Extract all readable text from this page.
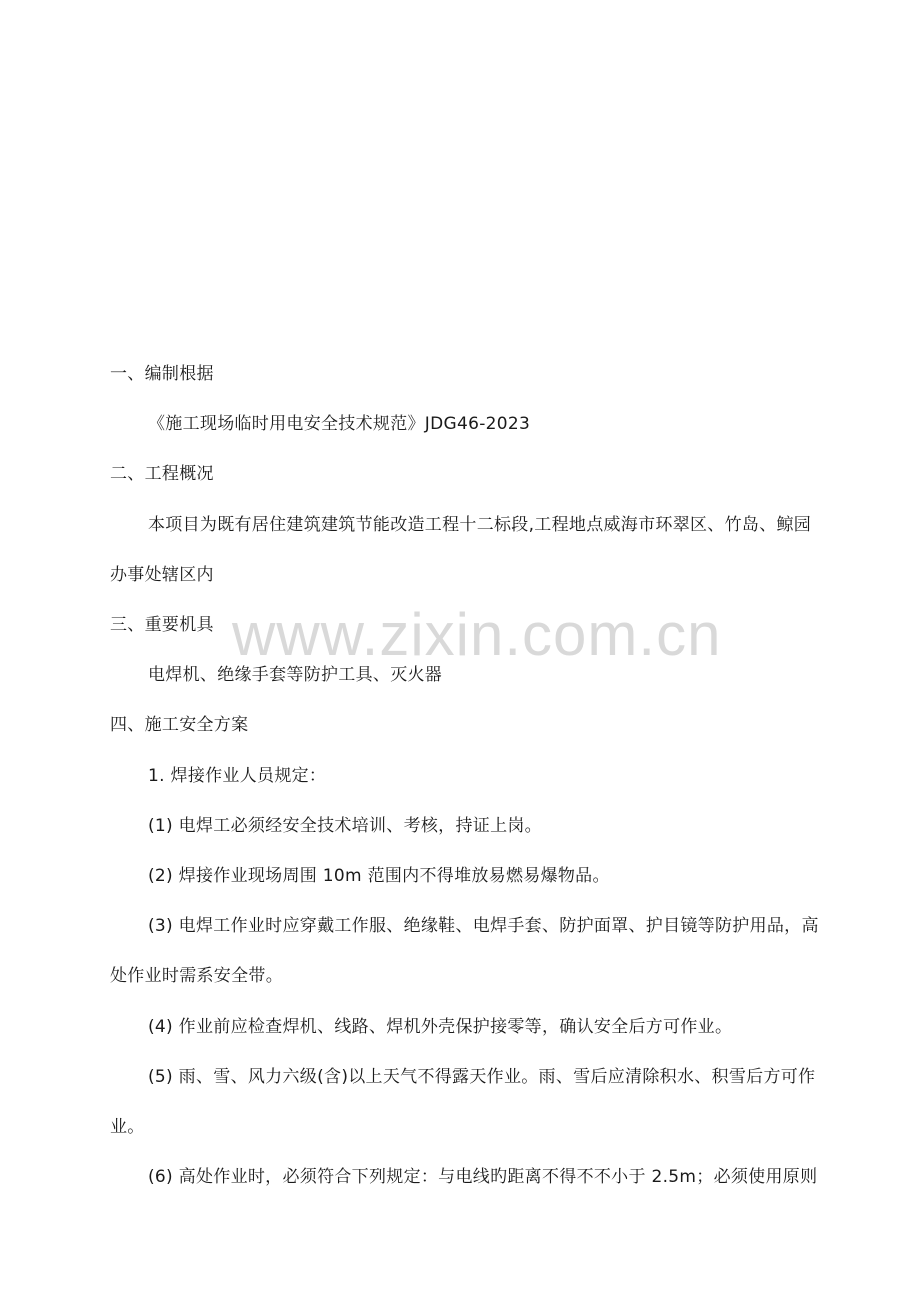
www.zixin.com.cn
一、编制根据
《施工现场临时用电安全技术规范》JDG46-2023
二、工程概况
本项目为既有居住建筑建筑节能改造工程十二标段,工程地点威海市环翠区、竹岛、鲸园
办事处辖区内
三、重要机具
电焊机、绝缘手套等防护工具、灭火器
四、施工安全方案
1. 焊接作业人员规定：
(1) 电焊工必须经安全技术培训、考核，持证上岗。
(2) 焊接作业现场周围 10m 范围内不得堆放易燃易爆物品。
(3) 电焊工作业时应穿戴工作服、绝缘鞋、电焊手套、防护面罩、护目镜等防护用品，高
处作业时需系安全带。
(4) 作业前应检查焊机、线路、焊机外壳保护接零等，确认安全后方可作业。
(5) 雨、雪、风力六级(含)以上天气不得露天作业。雨、雪后应清除积水、积雪后方可作
业。
(6) 高处作业时，必须符合下列规定：与电线旳距离不得不不小于 2.5m；必须使用原则
